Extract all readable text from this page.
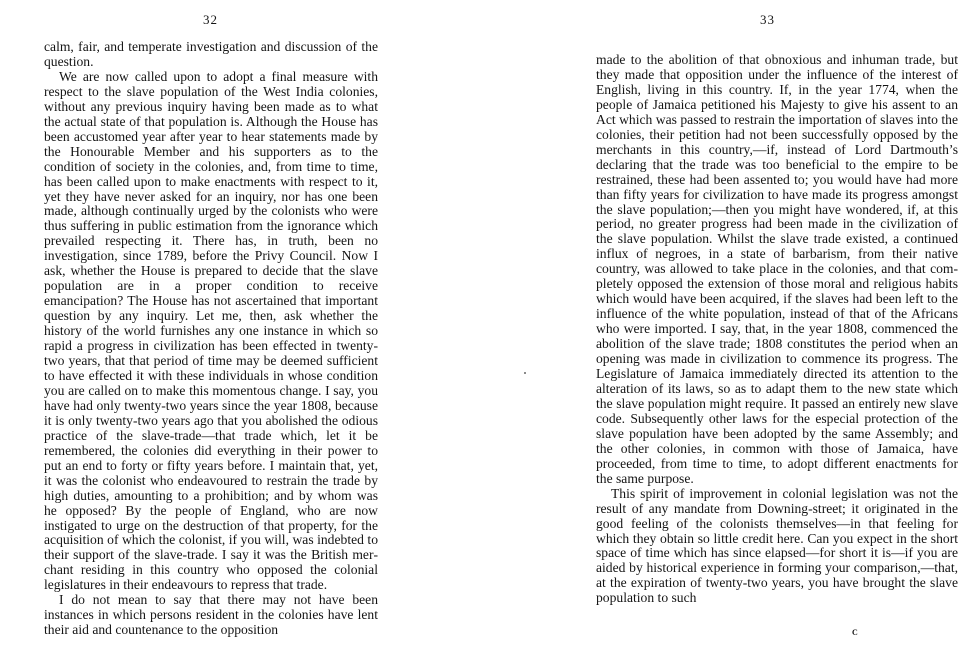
32

calm, fair, and temperate investigation and discussion of the question.

We are now called upon to adopt a final measure with respect to the slave population of the West India colonies, without any previous inquiry having been made as to what the actual state of that population is. Although the House has been accustomed year after year to hear statements made by the Honourable Member and his supporters as to the condition of society in the colonies, and, from time to time, has been called upon to make enactments with respect to it, yet they have never asked for an inquiry, nor has one been made, although continually urged by the colonists who were thus suffering in public estimation from the ignorance which prevailed respecting it. There has, in truth, been no investigation, since 1789, before the Privy Council. Now I ask, whether the House is prepared to decide that the slave population are in a proper condition to receive emancipation? The House has not ascertained that important question by any inquiry. Let me, then, ask whether the history of the world furnishes any one instance in which so rapid a progress in civilization has been effected in twenty-two years, that that period of time may be deemed sufficient to have effected it with these individuals in whose condition you are called on to make this momentous change. I say, you have had only twenty-two years since the year 1808, because it is only twenty-two years ago that you abolished the odious practice of the slave-trade—that trade which, let it be remembered, the colonies did everything in their power to put an end to forty or fifty years before. I maintain that, yet, it was the colonist who endeavoured to restrain the trade by high duties, amounting to a prohibition; and by whom was he opposed? By the people of England, who are now instigated to urge on the destruction of that property, for the acquisition of which the colonist, if you will, was indebted to their support of the slave-trade. I say it was the British merchant residing in this country who opposed the colonial legislatures in their endeavours to repress that trade.

I do not mean to say that there may not have been instances in which persons resident in the colonies have lent their aid and countenance to the opposition

33

made to the abolition of that obnoxious and inhuman trade, but they made that opposition under the influence of the interest of English, living in this country. If, in the year 1774, when the people of Jamaica petitioned his Majesty to give his assent to an Act which was passed to restrain the importation of slaves into the colonies, their petition had not been successfully opposed by the merchants in this country,—if, instead of Lord Dartmouth’s declaring that the trade was too beneficial to the empire to be restrained, these had been assented to; you would have had more than fifty years for civilization to have made its progress amongst the slave population;—then you might have wondered, if, at this period, no greater progress had been made in the civilization of the slave population. Whilst the slave trade existed, a continued influx of negroes, in a state of barbarism, from their native country, was allowed to take place in the colonies, and that completely opposed the extension of those moral and religious habits which would have been acquired, if the slaves had been left to the influence of the white population, instead of that of the Africans who were imported. I say, that, in the year 1808, commenced the abolition of the slave trade; 1808 constitutes the period when an opening was made in civilization to commence its progress. The Legislature of Jamaica immediately directed its attention to the alteration of its laws, so as to adapt them to the new state which the slave population might require. It passed an entirely new slave code. Subsequently other laws for the especial protection of the slave population have been adopted by the same Assembly; and the other colonies, in common with those of Jamaica, have proceeded, from time to time, to adopt different enactments for the same purpose.

This spirit of improvement in colonial legislation was not the result of any mandate from Downing-street; it originated in the good feeling of the colonists themselves—in that feeling for which they obtain so little credit here. Can you expect in the short space of time which has since elapsed—for short it is—if you are aided by historical experience in forming your comparison,—that, at the expiration of twenty-two years, you have brought the slave population to such

c
